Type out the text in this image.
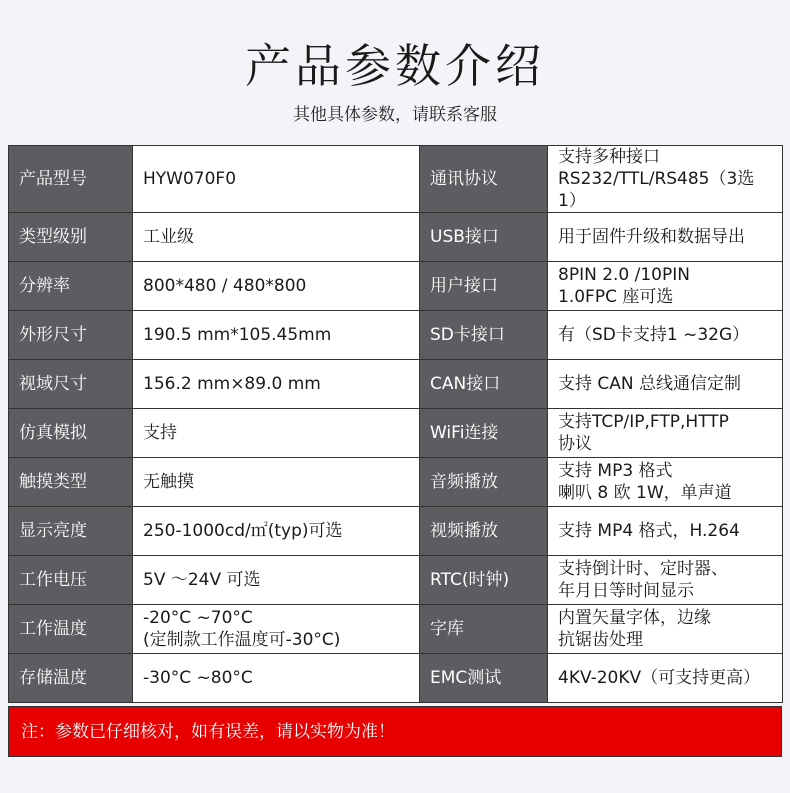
产品参数介绍
其他具体参数，请联系客服
产品型号	HYW070F0	通讯协议	支持多种接口
RS232/TTL/RS485（3选1）

类型级别	工业级	USB接口	用于固件升级和数据导出

分辨率	800*480 / 480*800	用户接口	8PIN 2.0 /10PIN
1.0FPC 座可选

外形尺寸	190.5 mm*105.45mm	SD卡接口	有（SD卡支持1 ~32G）

视域尺寸	156.2 mm×89.0 mm	CAN接口	支持 CAN 总线通信定制

仿真模拟	支持	WiFi连接	支持TCP/IP,FTP,HTTP
协议

触摸类型	无触摸	音频播放	支持 MP3 格式
喇叭 8 欧 1W，单声道

显示亮度	250-1000cd/㎡(typ)可选	视频播放	支持 MP4 格式，H.264

工作电压	5V ～24V 可选	RTC(时钟)	支持倒计时、定时器、
年月日等时间显示

工作温度	-20°C ~70°C
(定制款工作温度可-30°C)	字库	内置矢量字体，边缘
抗锯齿处理

存储温度	-30°C ~80°C	EMC测试	4KV-20KV（可支持更高）
注：参数已仔细核对，如有误差，请以实物为准！
